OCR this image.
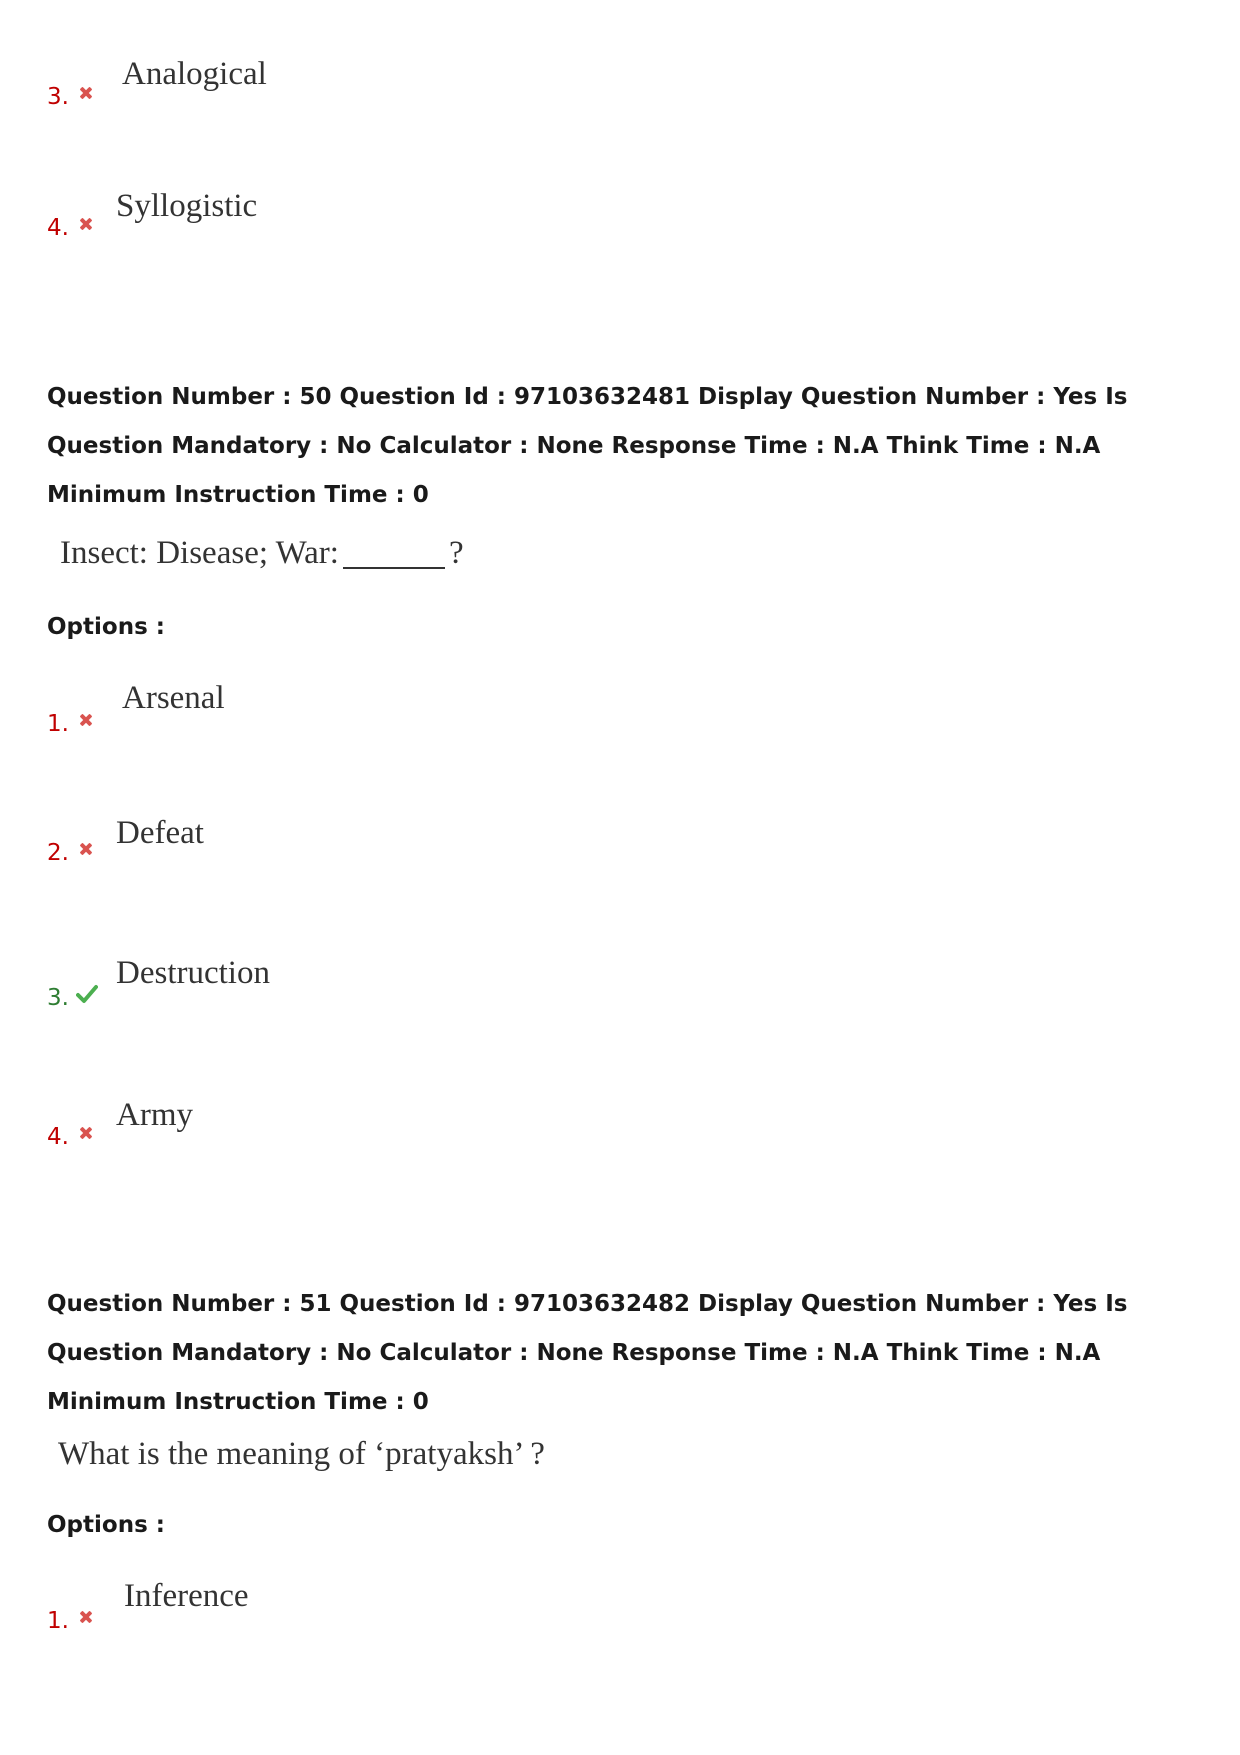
3.
Analogical
4.
Syllogistic
Question Number : 50 Question Id : 97103632481 Display Question Number : Yes Is Question Mandatory : No Calculator : None Response Time : N.A Think Time : N.A Minimum Instruction Time : 0
Insect: Disease; War:	?
Options :
1.
Arsenal
2.
Defeat
3.
Destruction
4.
Army
Question Number : 51 Question Id : 97103632482 Display Question Number : Yes Is Question Mandatory : No Calculator : None Response Time : N.A Think Time : N.A Minimum Instruction Time : 0
What is the meaning of ‘pratyaksh’ ?
Options :
1.
Inference
